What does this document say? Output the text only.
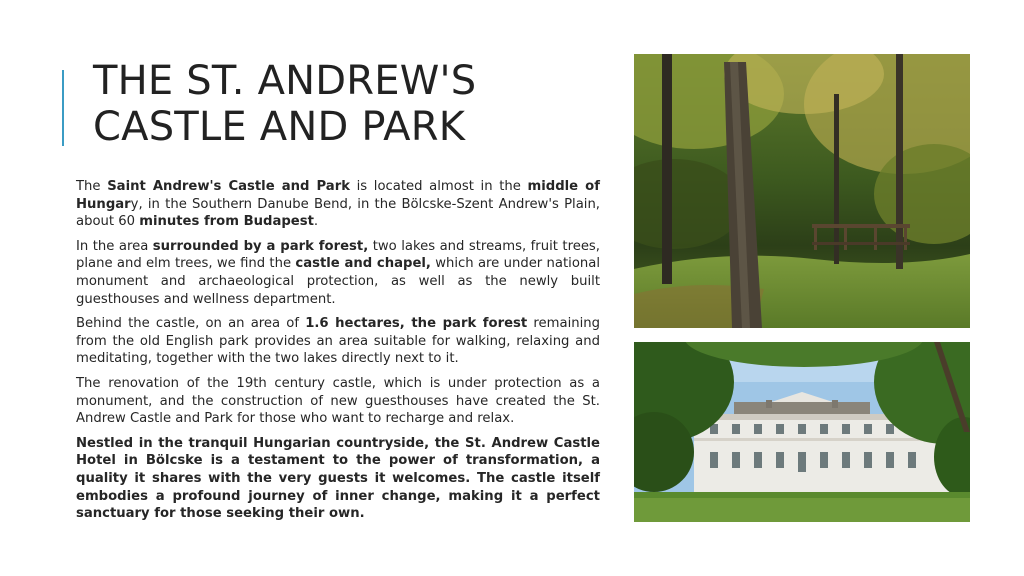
THE ST. ANDREW'S
CASTLE AND PARK

The Saint Andrew's Castle and Park is located almost in the middle of Hungary, in the Southern Danube Bend, in the Bölcske-Szent Andrew's Plain, about 60 minutes from Budapest.

In the area surrounded by a park forest, two lakes and streams, fruit trees, plane and elm trees, we find the castle and chapel, which are under national monument and archaeological protection, as well as the newly built guesthouses and wellness department.

Behind the castle, on an area of 1.6 hectares, the park forest remaining from the old English park provides an area suitable for walking, relaxing and meditating, together with the two lakes directly next to it.

The renovation of the 19th century castle, which is under protection as a monument, and the construction of new guesthouses have created the St. Andrew Castle and Park for those who want to recharge and relax.

Nestled in the tranquil Hungarian countryside, the St. Andrew Castle Hotel in Bölcske is a testament to the power of transformation, a quality it shares with the very guests it welcomes. The castle itself embodies a profound journey of inner change, making it a perfect sanctuary for those seeking their own.
